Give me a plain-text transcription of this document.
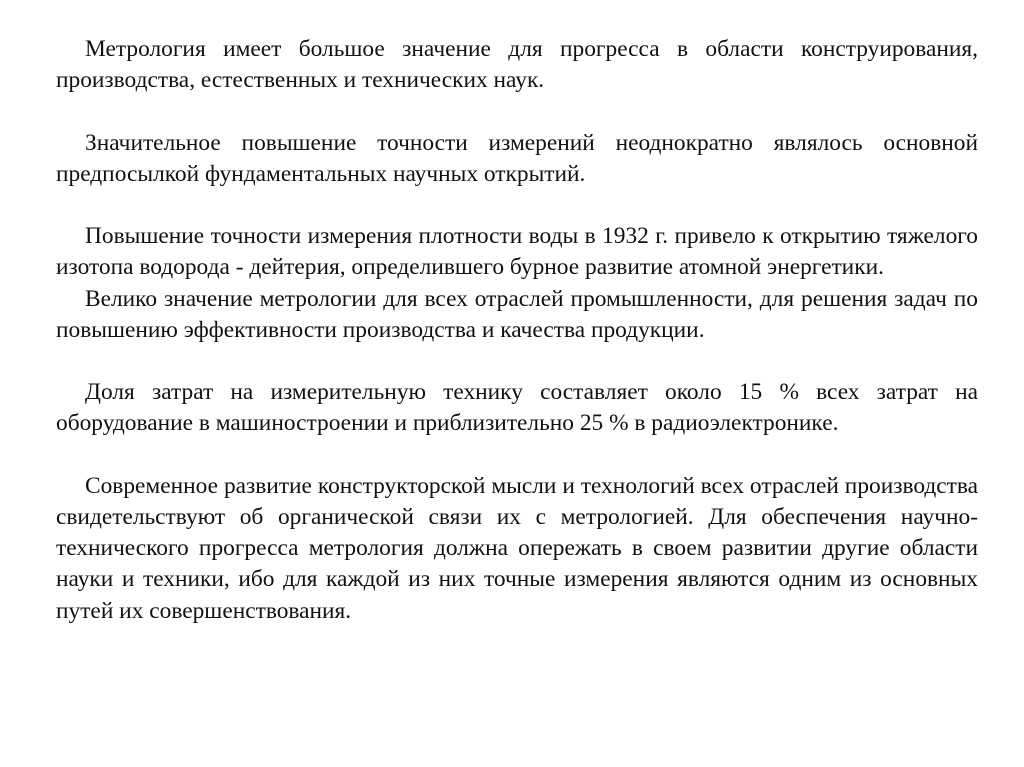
Метрология имеет большое значение для прогресса в области конструирования, производства, естественных и технических наук.

Значительное повышение точности измерений неоднократно являлось основной предпосылкой фундаментальных научных открытий.

Повышение точности измерения плотности воды в 1932 г. привело к открытию тяжелого изотопа водорода - дейтерия, определившего бурное развитие атомной энергетики.

Велико значение метрологии для всех отраслей промышленности, для решения задач по повышению эффективности производства и качества продукции.

Доля затрат на измерительную технику составляет около 15 % всех затрат на оборудование в машиностроении и приблизительно 25 % в радиоэлектронике.

Современное развитие конструкторской мысли и технологий всех отраслей производства свидетельствуют об органической связи их с метрологией. Для обеспечения научно-технического прогресса метрология должна опережать в своем развитии другие области науки и техники, ибо для каждой из них точные измерения являются одним из основных путей их совершенствования.
